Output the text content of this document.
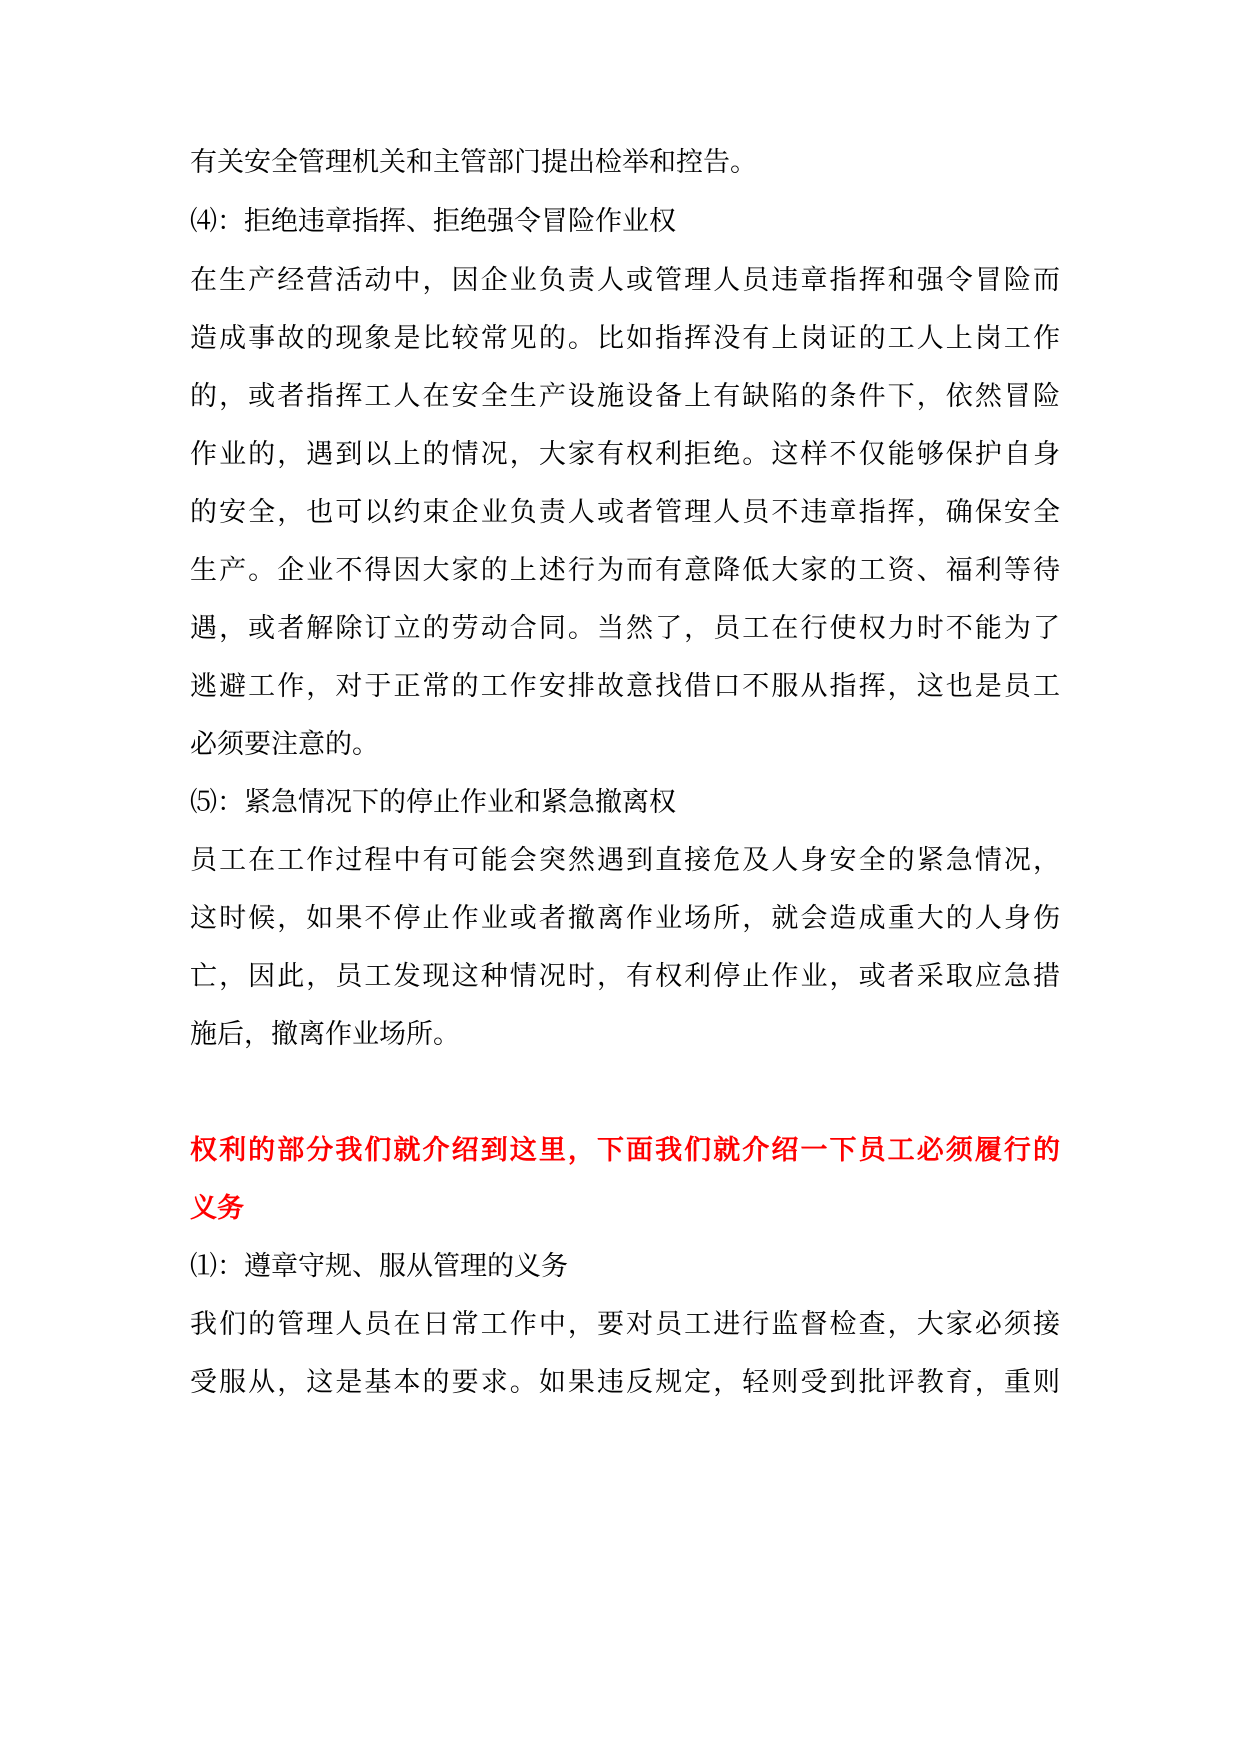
有关安全管理机关和主管部门提出检举和控告。
⑷：拒绝违章指挥、拒绝强令冒险作业权
在生产经营活动中，因企业负责人或管理人员违章指挥和强令冒险而
造成事故的现象是比较常见的。比如指挥没有上岗证的工人上岗工作
的，或者指挥工人在安全生产设施设备上有缺陷的条件下，依然冒险
作业的，遇到以上的情况，大家有权利拒绝。这样不仅能够保护自身
的安全，也可以约束企业负责人或者管理人员不违章指挥，确保安全
生产。企业不得因大家的上述行为而有意降低大家的工资、福利等待
遇，或者解除订立的劳动合同。当然了，员工在行使权力时不能为了
逃避工作，对于正常的工作安排故意找借口不服从指挥，这也是员工
必须要注意的。
⑸：紧急情况下的停止作业和紧急撤离权
员工在工作过程中有可能会突然遇到直接危及人身安全的紧急情况，
这时候，如果不停止作业或者撤离作业场所，就会造成重大的人身伤
亡，因此，员工发现这种情况时，有权利停止作业，或者采取应急措
施后，撤离作业场所。
权利的部分我们就介绍到这里，下面我们就介绍一下员工必须履行的
义务
⑴：遵章守规、服从管理的义务
我们的管理人员在日常工作中，要对员工进行监督检查，大家必须接
受服从，这是基本的要求。如果违反规定，轻则受到批评教育，重则
